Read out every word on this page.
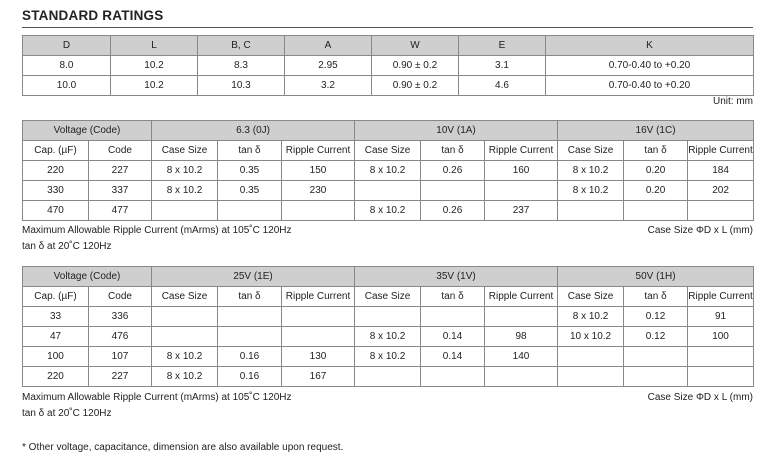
STANDARD RATINGS
D	L	B, C	A	W	E	K
8.0	10.2	8.3	2.95	0.90 ± 0.2	3.1	0.70-0.40 to +0.20
10.0	10.2	10.3	3.2	0.90 ± 0.2	4.6	0.70-0.40 to +0.20
Unit: mm
Voltage (Code)		6.3 (0J)			10V (1A)			16V (1C)		
Cap. (µF)	Code	Case Size	tan δ	Ripple Current	Case Size	tan δ	Ripple Current	Case Size	tan δ	Ripple Current
220	227	8 x 10.2	0.35	150	8 x 10.2	0.26	160	8 x 10.2	0.20	184
330	337	8 x 10.2	0.35	230				8 x 10.2	0.20	202
470	477				8 x 10.2	0.26	237			
Maximum Allowable Ripple Current (mArms) at 105˚C 120Hz	Case Size ΦD x L (mm)
tan δ at 20˚C 120Hz
Voltage (Code)		25V (1E)			35V (1V)			50V (1H)		
Cap. (µF)	Code	Case Size	tan δ	Ripple Current	Case Size	tan δ	Ripple Current	Case Size	tan δ	Ripple Current
33	336							8 x 10.2	0.12	91
47	476				8 x 10.2	0.14	98	10 x 10.2	0.12	100
100	107	8 x 10.2	0.16	130	8 x 10.2	0.14	140			
220	227	8 x 10.2	0.16	167						
Maximum Allowable Ripple Current (mArms) at 105˚C 120Hz	Case Size ΦD x L (mm)
tan δ at 20˚C 120Hz
* Other voltage, capacitance, dimension are also available upon request.
